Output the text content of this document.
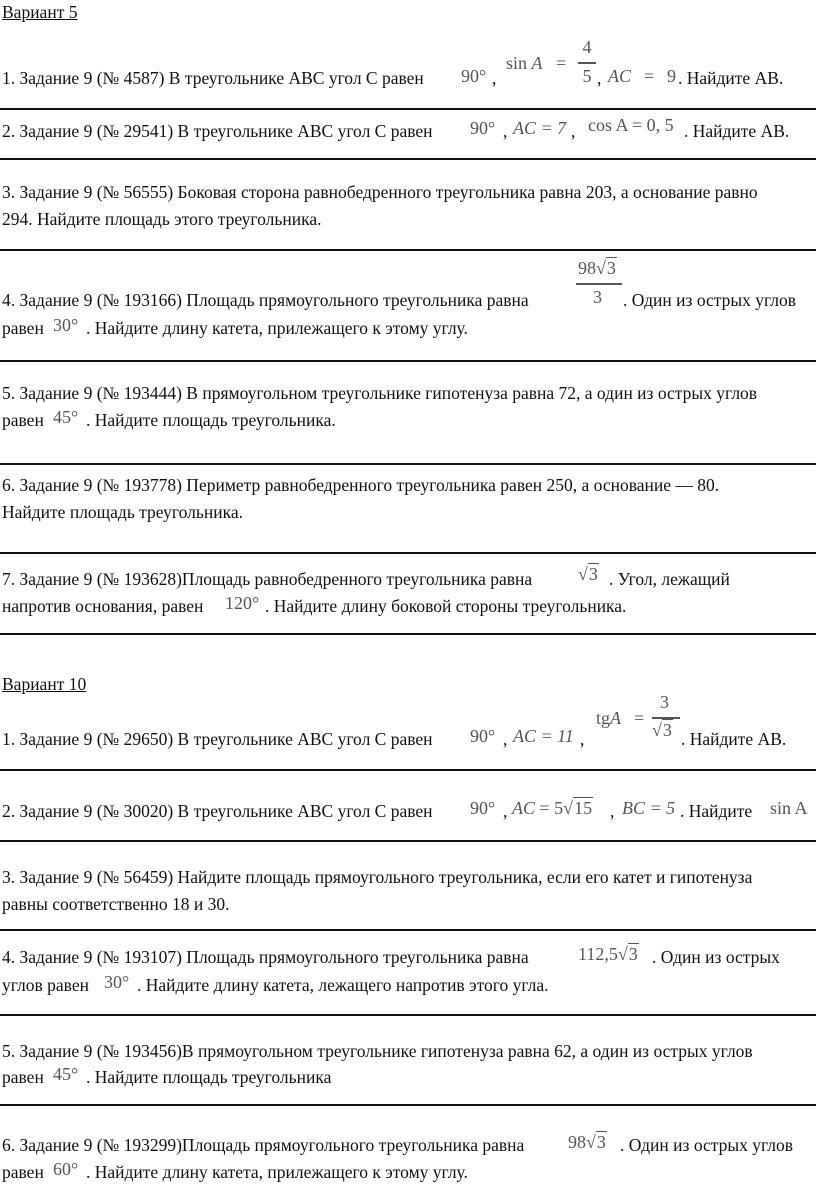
Вариант 5
1. Задание 9 (№ 4587) В треугольнике ABC угол C равен 90° ,
sin A =
4
5 , AC = 9 . Найдите AB.
2. Задание 9 (№ 29541) В треугольнике ABC угол C равен 90° , AC = 7 , cos A = 0, 5 . Найдите AB.
3. Задание 9 (№ 56555) Боковая сторона равнобедренного треугольника равна 203, а основание равно
294. Найдите площадь этого треугольника.
4. Задание 9 (№ 193166) Площадь прямоугольного треугольника равна
98√3
3 . Один из острых углов
равен 30° . Найдите длину катета, прилежащего к этому углу.
5. Задание 9 (№ 193444) В прямоугольном треугольнике гипотенуза равна 72, а один из острых углов
равен 45° . Найдите площадь треугольника.
6. Задание 9 (№ 193778) Периметр равнобедренного треугольника равен 250, а основание — 80.
Найдите площадь треугольника.
7. Задание 9 (№ 193628)Площадь равнобедренного треугольника равна	√3 . Угол, лежащий
напротив основания, равен 120° . Найдите длину боковой стороны треугольника.
Вариант 10
1. Задание 9 (№ 29650) В треугольнике ABC угол C равен 90° , AC = 11 ,
tgA =
3
√3 . Найдите AB.
2. Задание 9 (№ 30020) В треугольнике ABC угол C равен 90° , AC = 5√15 , BC = 5 . Найдите sin A
3. Задание 9 (№ 56459) Найдите площадь прямоугольного треугольника, если его катет и гипотенуза
равны соответственно 18 и 30.
4. Задание 9 (№ 193107) Площадь прямоугольного треугольника равна	112,5√3 . Один из острых
углов равен 30° . Найдите длину катета, лежащего напротив этого угла.
5. Задание 9 (№ 193456)В прямоугольном треугольнике гипотенуза равна 62, а один из острых углов
равен 45° . Найдите площадь треугольника
6. Задание 9 (№ 193299)Площадь прямоугольного треугольника равна 98√3 . Один из острых углов
равен 60° . Найдите длину катета, прилежащего к этому углу.
